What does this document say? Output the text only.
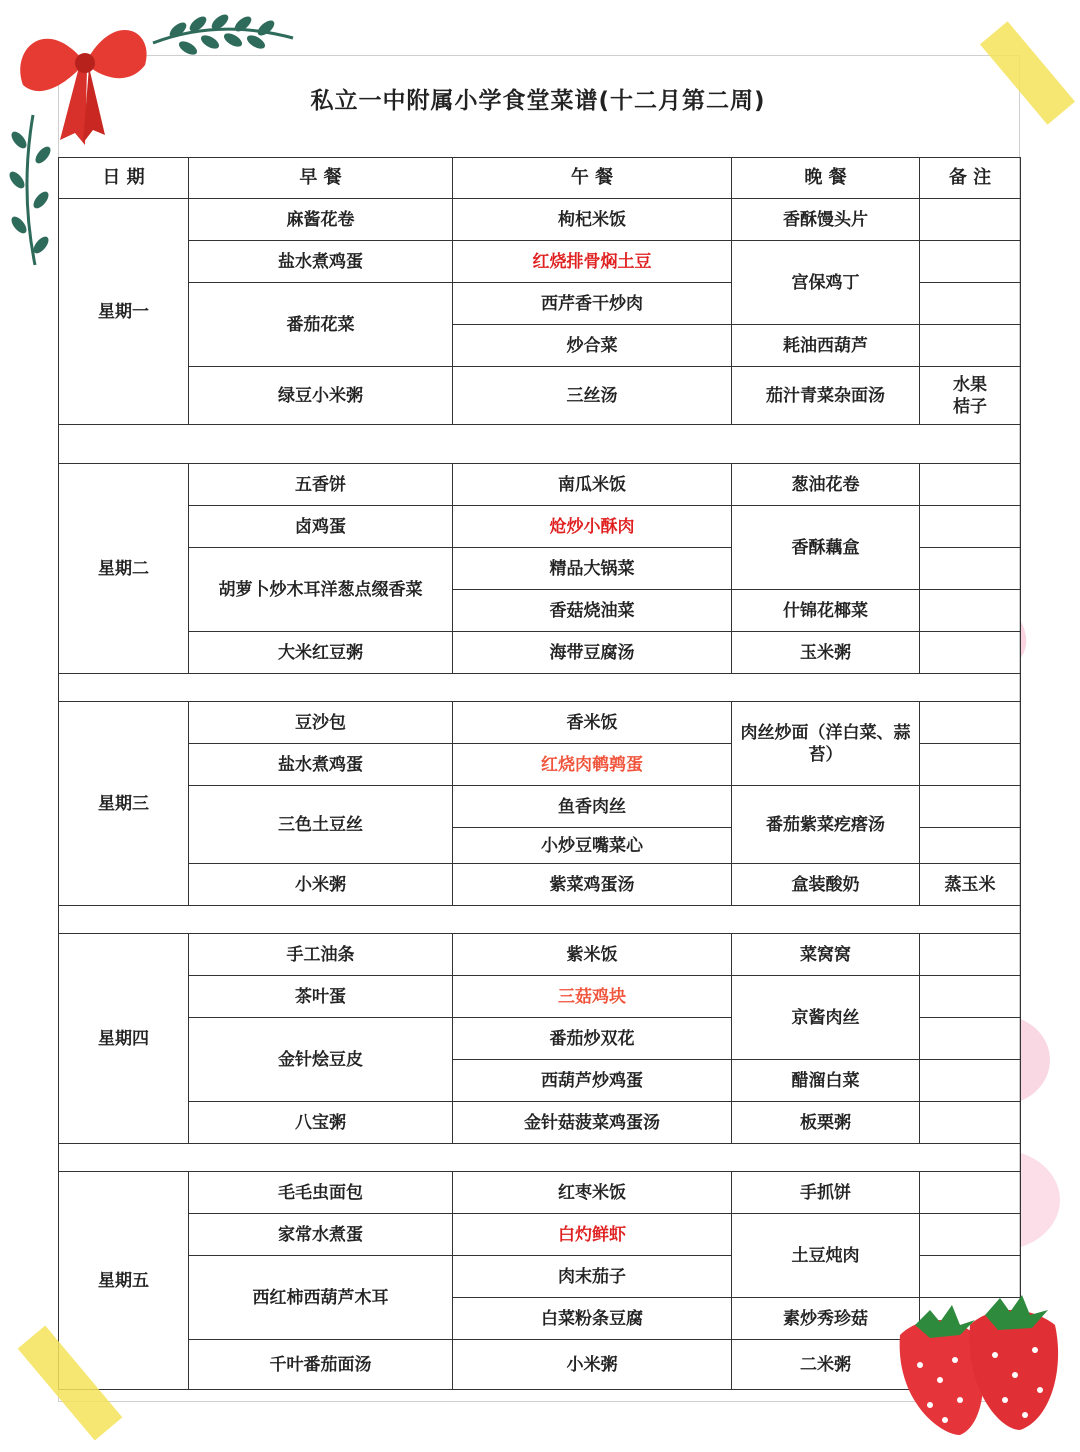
私立一中附属小学食堂菜谱(十二月第二周)
日 期	早 餐	午 餐	晚 餐	备 注
星期一	麻酱花卷	枸杞米饭	香酥馒头片	
	盐水煮鸡蛋	红烧排骨焖土豆	宫保鸡丁	
	番茄花菜	西芹香干炒肉		
		炒合菜	耗油西葫芦	
	绿豆小米粥	三丝汤	茄汁青菜杂面汤	水果
桔子

星期二	五香饼	南瓜米饭	葱油花卷	
	卤鸡蛋	炝炒小酥肉	香酥藕盒	
	胡萝卜炒木耳洋葱点缀香菜	精品大锅菜		
		香菇烧油菜	什锦花椰菜	
	大米红豆粥	海带豆腐汤	玉米粥	

星期三	豆沙包	香米饭	肉丝炒面（洋白菜、蒜苔）	
	盐水煮鸡蛋	红烧肉鹌鹑蛋		
	三色土豆丝	鱼香肉丝	番茄紫菜疙瘩汤	
		小炒豆嘴菜心		
	小米粥	紫菜鸡蛋汤	盒装酸奶	蒸玉米

星期四	手工油条	紫米饭	菜窝窝	
	茶叶蛋	三菇鸡块	京酱肉丝	
	金针烩豆皮	番茄炒双花		
		西葫芦炒鸡蛋	醋溜白菜	
	八宝粥	金针菇菠菜鸡蛋汤	板栗粥	

星期五	毛毛虫面包	红枣米饭	手抓饼	
	家常水煮蛋	白灼鲜虾	土豆炖肉	
	西红柿西葫芦木耳	肉末茄子		
		白菜粉条豆腐	素炒秀珍菇	
	千叶番茄面汤	小米粥	二米粥	
